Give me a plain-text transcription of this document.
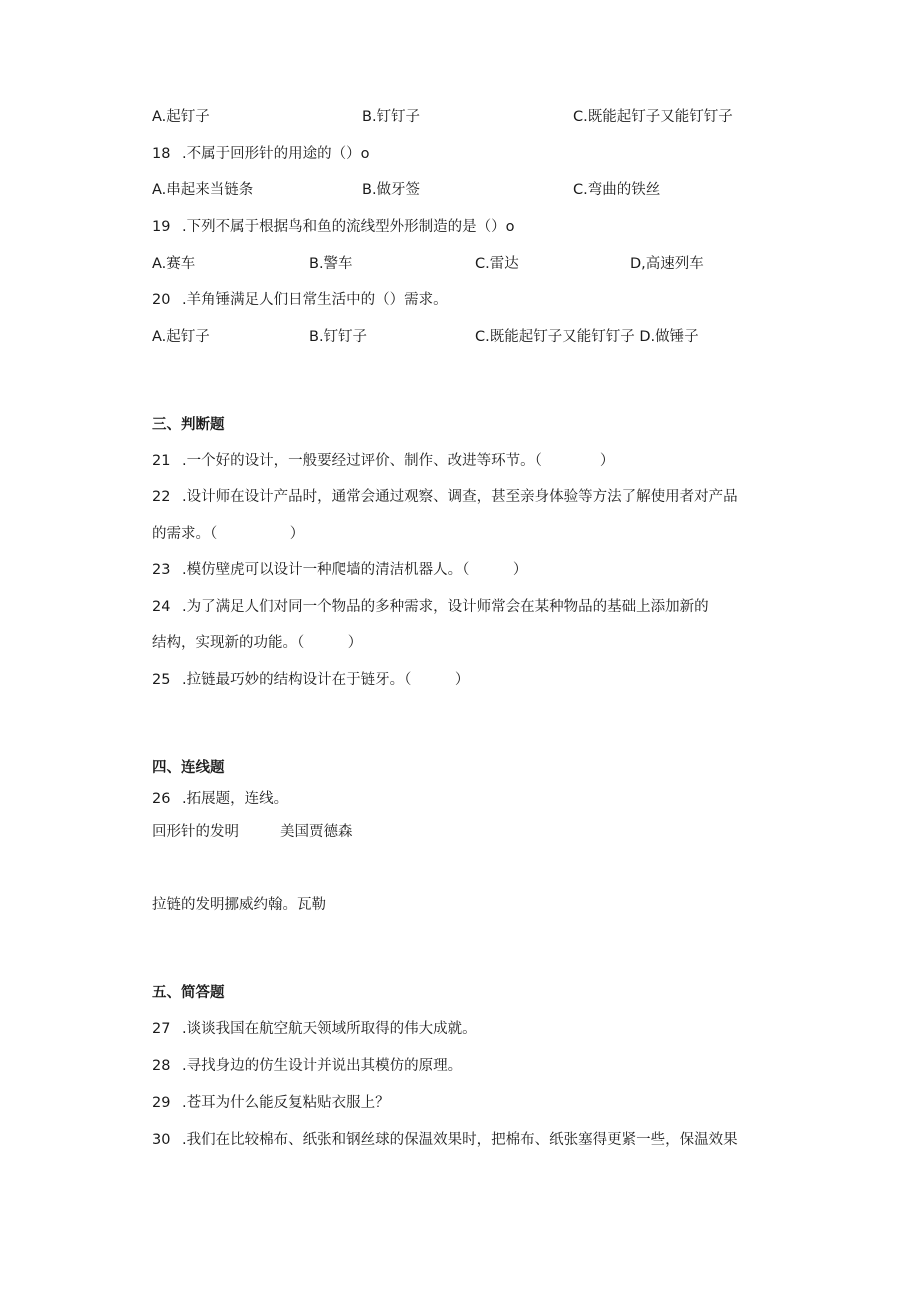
A.起钉子	B.钉钉子	C.既能起钉子又能钉钉子
18 .不属于回形针的用途的（）o
A.串起来当链条	B.做牙签	C.弯曲的铁丝
19 .下列不属于根据鸟和鱼的流线型外形制造的是（）o
A.赛车	B.警车	C.雷达	D,高速列车
20 .羊角锤满足人们日常生活中的（）需求。
A.起钉子	B.钉钉子	C.既能起钉子又能钉钉子 D.做锤子
三、判断题
21 .一个好的设计，一般要经过评价、制作、改进等环节。（　　　　）
22 .设计师在设计产品时，通常会通过观察、调查，甚至亲身体验等方法了解使用者对产品
的需求。（　　　　　）
23 .模仿壁虎可以设计一种爬墙的清洁机器人。（　　　）
24 .为了满足人们对同一个物品的多种需求，设计师常会在某种物品的基础上添加新的
结构，实现新的功能。（　　　）
25 .拉链最巧妙的结构设计在于链牙。（　　　）
四、连线题
26 .拓展题，连线。
回形针的发明	美国贾德森
拉链的发明挪威约翰。瓦勒
五、简答题
27 .谈谈我国在航空航天领域所取得的伟大成就。
28 .寻找身边的仿生设计并说出其模仿的原理。
29 .苍耳为什么能反复粘贴衣服上？
30 .我们在比较棉布、纸张和钢丝球的保温效果时，把棉布、纸张塞得更紧一些，保温效果
